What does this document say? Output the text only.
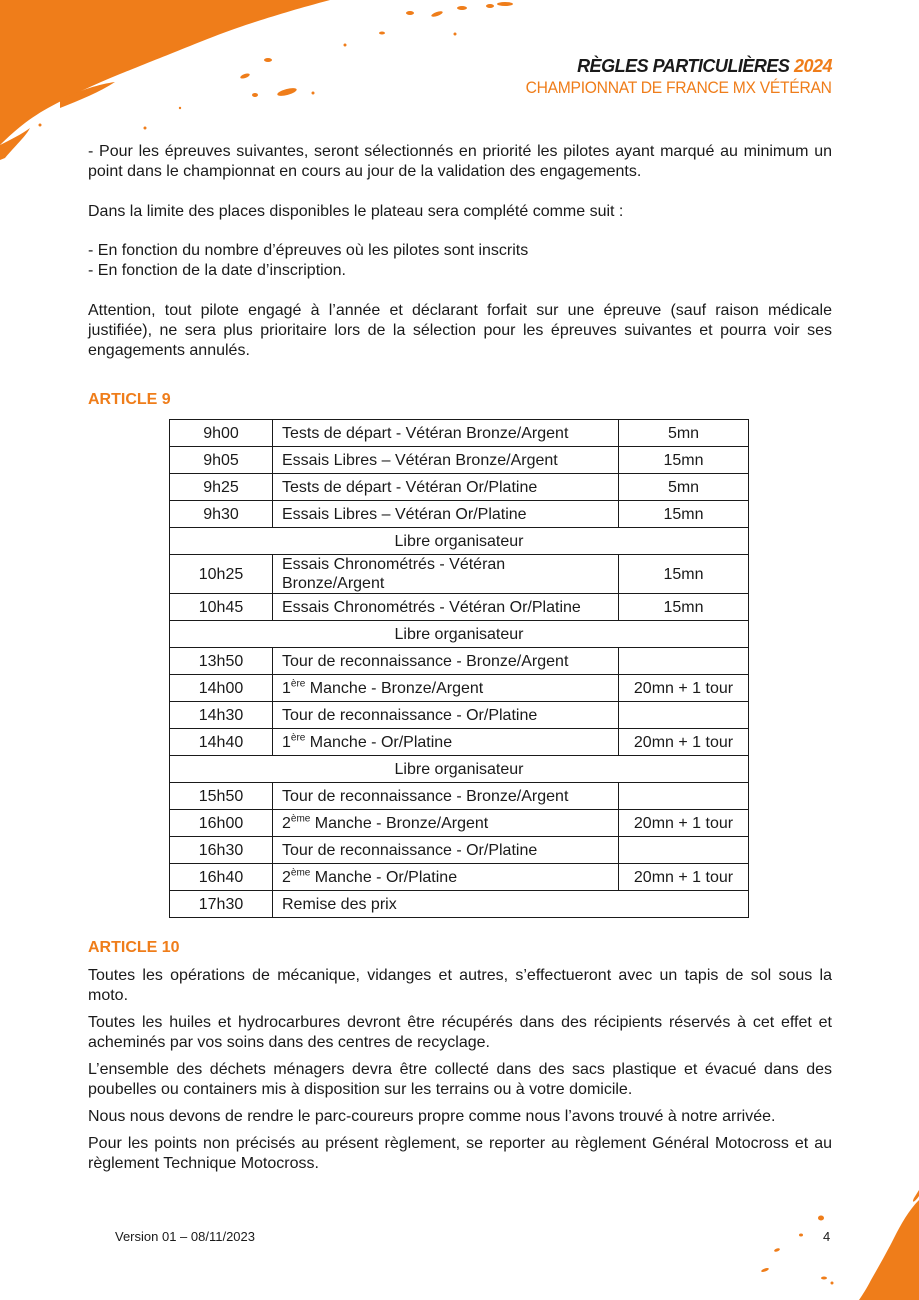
RÈGLES PARTICULIÈRES 2024
CHAMPIONNAT DE FRANCE MX VÉTÉRAN

- Pour les épreuves suivantes, seront sélectionnés en priorité les pilotes ayant marqué au minimum un point dans le championnat en cours au jour de la validation des engagements.

Dans la limite des places disponibles le plateau sera complété comme suit :

- En fonction du nombre d’épreuves où les pilotes sont inscrits

- En fonction de la date d’inscription.

Attention, tout pilote engagé à l’année et déclarant forfait sur une épreuve (sauf raison médicale justifiée), ne sera plus prioritaire lors de la sélection pour les épreuves suivantes et pourra voir ses engagements annulés.

ARTICLE 9

9h00	Tests de départ - Vétéran Bronze/Argent	5mn
9h05	Essais Libres – Vétéran Bronze/Argent	15mn
9h25	Tests de départ - Vétéran Or/Platine	5mn
9h30	Essais Libres – Vétéran Or/Platine	15mn
Libre organisateur		
10h25	Essais Chronométrés - Vétéran Bronze/Argent	15mn
10h45	Essais Chronométrés - Vétéran Or/Platine	15mn
Libre organisateur		
13h50	Tour de reconnaissance - Bronze/Argent	
14h00	1ère Manche - Bronze/Argent	20mn + 1 tour
14h30	Tour de reconnaissance - Or/Platine	
14h40	1ère Manche - Or/Platine	20mn + 1 tour
Libre organisateur		
15h50	Tour de reconnaissance - Bronze/Argent	
16h00	2ème Manche - Bronze/Argent	20mn + 1 tour
16h30	Tour de reconnaissance - Or/Platine	
16h40	2ème Manche - Or/Platine	20mn + 1 tour
17h30	Remise des prix	

ARTICLE 10

Toutes les opérations de mécanique, vidanges et autres, s’effectueront avec un tapis de sol sous la moto.

Toutes les huiles et hydrocarbures devront être récupérés dans des récipients réservés à cet effet et acheminés par vos soins dans des centres de recyclage.

L’ensemble des déchets ménagers devra être collecté dans des sacs plastique et évacué dans des poubelles ou containers mis à disposition sur les terrains ou à votre domicile.

Nous nous devons de rendre le parc-coureurs propre comme nous l’avons trouvé à notre arrivée.

Pour les points non précisés au présent règlement, se reporter au règlement Général Motocross et au règlement Technique Motocross.

Version 01 – 08/11/2023	4
